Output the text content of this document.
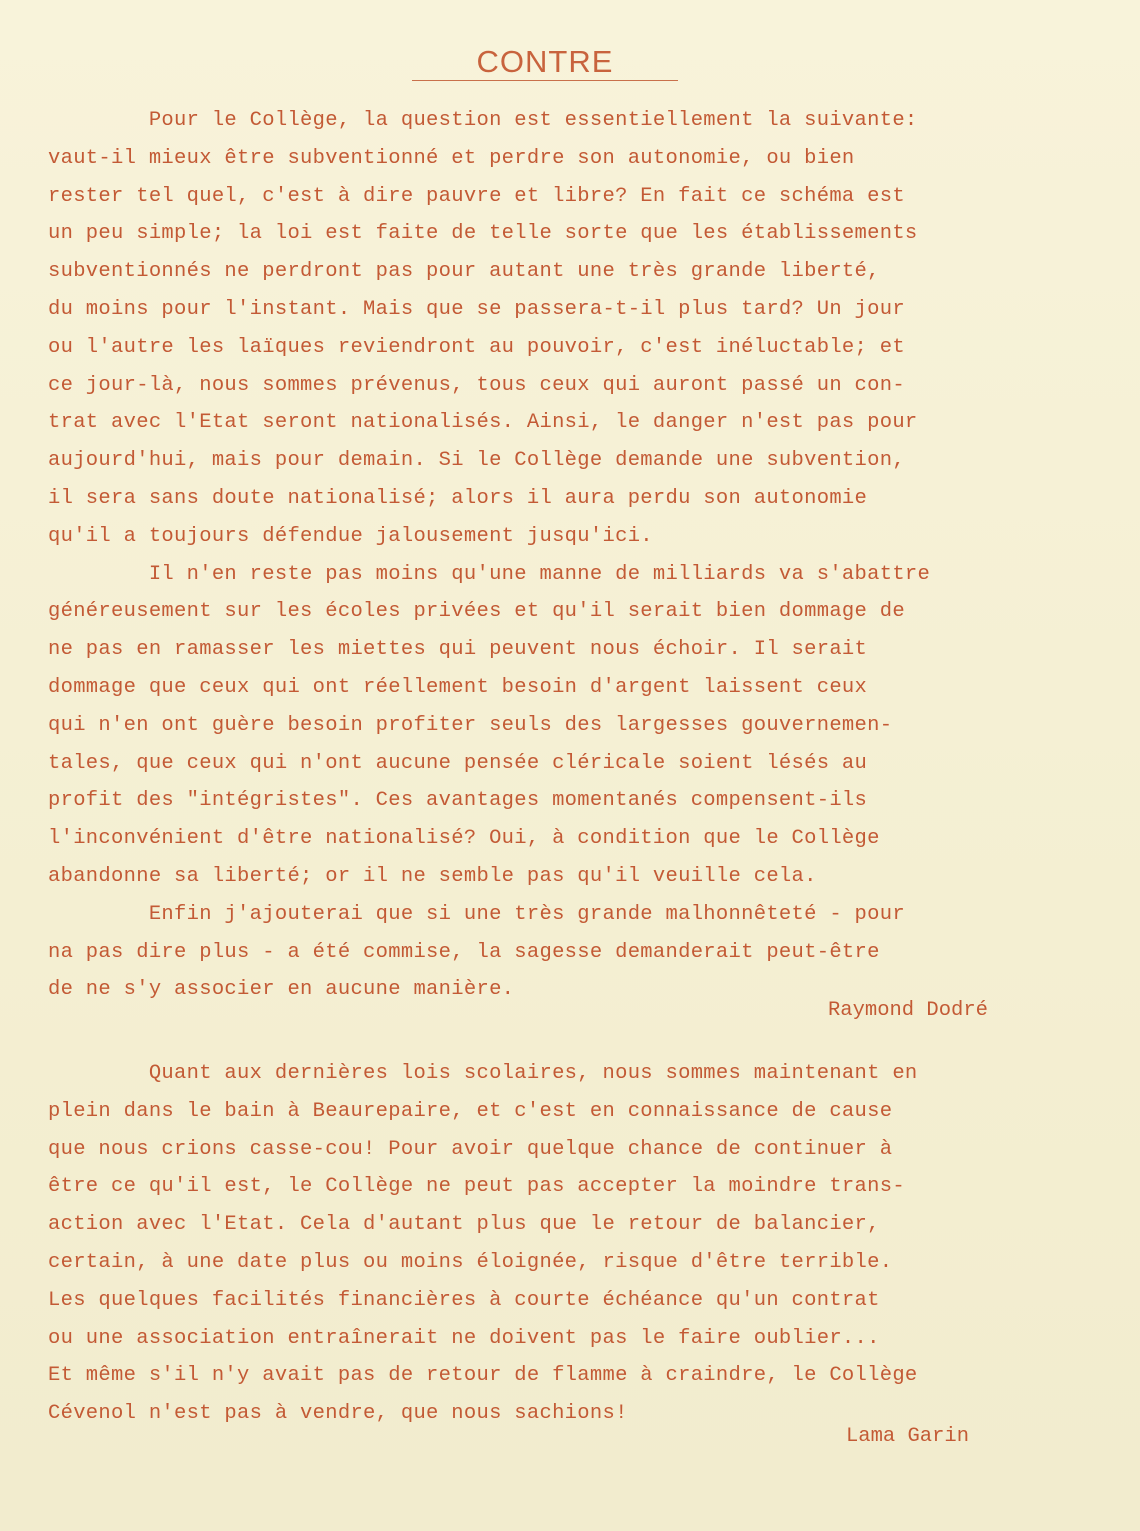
CONTRE
Pour le Collège, la question est essentiellement la suivante:
vaut-il mieux être subventionné et perdre son autonomie, ou bien
rester tel quel, c'est à dire pauvre et libre? En fait ce schéma est
un peu simple; la loi est faite de telle sorte que les établissements
subventionnés ne perdront pas pour autant une très grande liberté,
du moins pour l'instant. Mais que se passera-t-il plus tard? Un jour
ou l'autre les laïques reviendront au pouvoir, c'est inéluctable; et
ce jour-là, nous sommes prévenus, tous ceux qui auront passé un con-
trat avec l'Etat seront nationalisés. Ainsi, le danger n'est pas pour
aujourd'hui, mais pour demain. Si le Collège demande une subvention,
il sera sans doute nationalisé; alors il aura perdu son autonomie
qu'il a toujours défendue jalousement jusqu'ici.
Il n'en reste pas moins qu'une manne de milliards va s'abattre
généreusement sur les écoles privées et qu'il serait bien dommage de
ne pas en ramasser les miettes qui peuvent nous échoir. Il serait
dommage que ceux qui ont réellement besoin d'argent laissent ceux
qui n'en ont guère besoin profiter seuls des largesses gouvernemen-
tales, que ceux qui n'ont aucune pensée cléricale soient lésés au
profit des "intégristes". Ces avantages momentanés compensent-ils
l'inconvénient d'être nationalisé? Oui, à condition que le Collège
abandonne sa liberté; or il ne semble pas qu'il veuille cela.
Enfin j'ajouterai que si une très grande malhonnêteté - pour
na pas dire plus - a été commise, la sagesse demanderait peut-être
de ne s'y associer en aucune manière.
Raymond Dodré
Quant aux dernières lois scolaires, nous sommes maintenant en
plein dans le bain à Beaurepaire, et c'est en connaissance de cause
que nous crions casse-cou! Pour avoir quelque chance de continuer à
être ce qu'il est, le Collège ne peut pas accepter la moindre trans-
action avec l'Etat. Cela d'autant plus que le retour de balancier,
certain, à une date plus ou moins éloignée, risque d'être terrible.
Les quelques facilités financières à courte échéance qu'un contrat
ou une association entraînerait ne doivent pas le faire oublier...
Et même s'il n'y avait pas de retour de flamme à craindre, le Collège
Cévenol n'est pas à vendre, que nous sachions!
Lama Garin
